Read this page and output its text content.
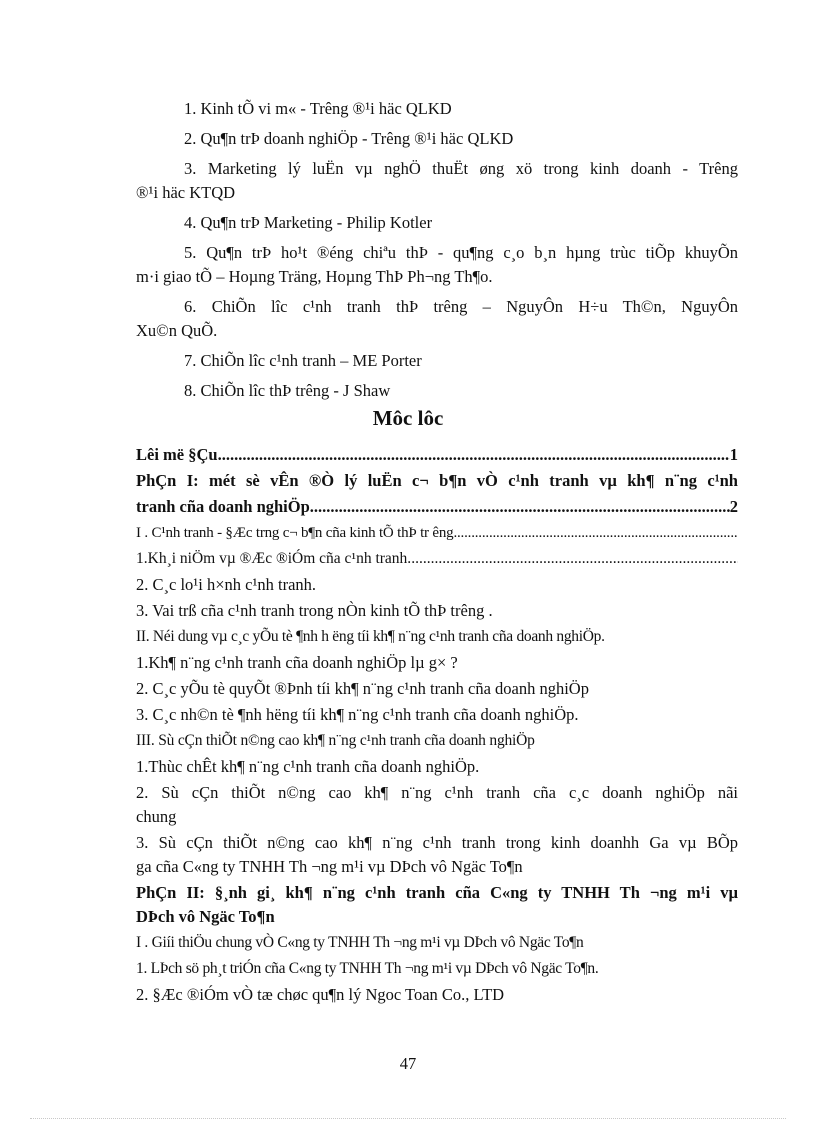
1. Kinh tÕ vi m« - Trêng ®¹i häc QLKD
2. Qu¶n trÞ doanh nghiÖp - Trêng ®¹i häc QLKD
3. Marketing lý luËn vµ nghÖ thuËt øng xö trong kinh doanh - Trêng
®¹i häc KTQD
4. Qu¶n trÞ Marketing - Philip Kotler
5. Qu¶n trÞ ho¹t ®éng chiªu thÞ - qu¶ng c¸o b¸n hµng trùc tiÕp khuyÕn
m·i giao tÕ – Hoµng Träng, Hoµng ThÞ Ph¬ng Th¶o.
6. ChiÕn lîc c¹nh tranh thÞ trêng – NguyÔn H÷u Th©n, NguyÔn
Xu©n QuÕ.
7. ChiÕn lîc c¹nh tranh – ME Porter
8. ChiÕn lîc thÞ trêng - J Shaw
Môc lôc
Lêi më §Çu .....	1
PhÇn I: mét sè vÊn ®Ò lý luËn c¬ b¶n vÒ c¹nh tranh vµ kh¶ n¨ng c¹nh
tranh cña doanh nghiÖp .....	2
I . C¹nh tranh - §Æc trng c¬ b¶n cña kinh tÕ thÞ tr êng.
.....
1.Kh¸i niÖm vµ ®Æc ®iÓm cña c¹nh tranh.
.....
2. C¸c lo¹i h×nh c¹nh tranh.
3. Vai trß cña c¹nh tranh trong nÒn kinh tÕ thÞ trêng .
II. Néi dung vµ c¸c yÕu tè ¶nh h ëng tíi kh¶ n¨ng c¹nh tranh cña doanh nghiÖp.
1.Kh¶ n¨ng c¹nh tranh cña doanh nghiÖp lµ g× ?
2. C¸c yÕu tè quyÕt ®Þnh tíi kh¶ n¨ng c¹nh tranh cña doanh nghiÖp
3. C¸c nh©n tè ¶nh hëng tíi kh¶ n¨ng c¹nh tranh cña doanh nghiÖp.
III. Sù cÇn thiÕt n©ng cao kh¶ n¨ng c¹nh tranh cña doanh nghiÖp
1.Thùc chÊt kh¶ n¨ng c¹nh tranh cña doanh nghiÖp.
2. Sù cÇn thiÕt n©ng cao kh¶ n¨ng c¹nh tranh cña c¸c doanh nghiÖp nãi
chung
3. Sù cÇn thiÕt n©ng cao kh¶ n¨ng c¹nh tranh trong kinh doanhh Ga vµ BÕp
ga cña C«ng ty TNHH Th ¬ng m¹i vµ DÞch vô Ngäc To¶n
PhÇn II: §¸nh gi¸ kh¶ n¨ng c¹nh tranh cña C«ng ty TNHH Th ¬ng m¹i vµ
DÞch vô Ngäc To¶n
I . Giíi thiÖu chung vÒ C«ng ty TNHH Th ¬ng m¹i vµ DÞch vô Ngäc To¶n
1. LÞch sö ph¸t triÓn cña C«ng ty TNHH Th ¬ng m¹i vµ DÞch vô Ngäc To¶n.
2. §Æc ®iÓm vÒ tæ chøc qu¶n lý Ngoc Toan Co., LTD
47
